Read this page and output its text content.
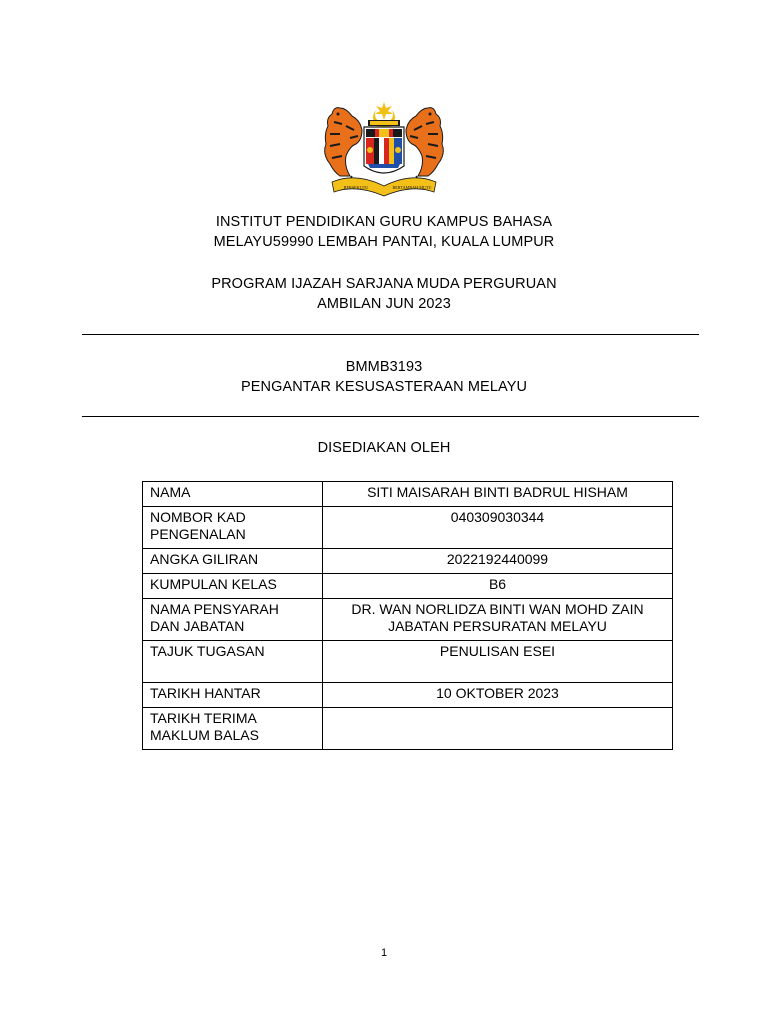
BERSEKUTU	BERTAMBAH MUTU
INSTITUT PENDIDIKAN GURU KAMPUS BAHASA
MELAYU59990 LEMBAH PANTAI, KUALA LUMPUR
PROGRAM IJAZAH SARJANA MUDA PERGURUAN
AMBILAN JUN 2023
BMMB3193
PENGANTAR KESUSASTERAAN MELAYU
DISEDIAKAN OLEH
NAMA	SITI MAISARAH BINTI BADRUL HISHAM
NOMBOR KAD
PENGENALAN	040309030344
ANGKA GILIRAN	2022192440099
KUMPULAN KELAS	B6
NAMA PENSYARAH
DAN JABATAN	DR. WAN NORLIDZA BINTI WAN MOHD ZAIN
JABATAN PERSURATAN MELAYU
TAJUK TUGASAN	PENULISAN ESEI
TARIKH HANTAR	10 OKTOBER 2023
TARIKH TERIMA
MAKLUM BALAS	
1
